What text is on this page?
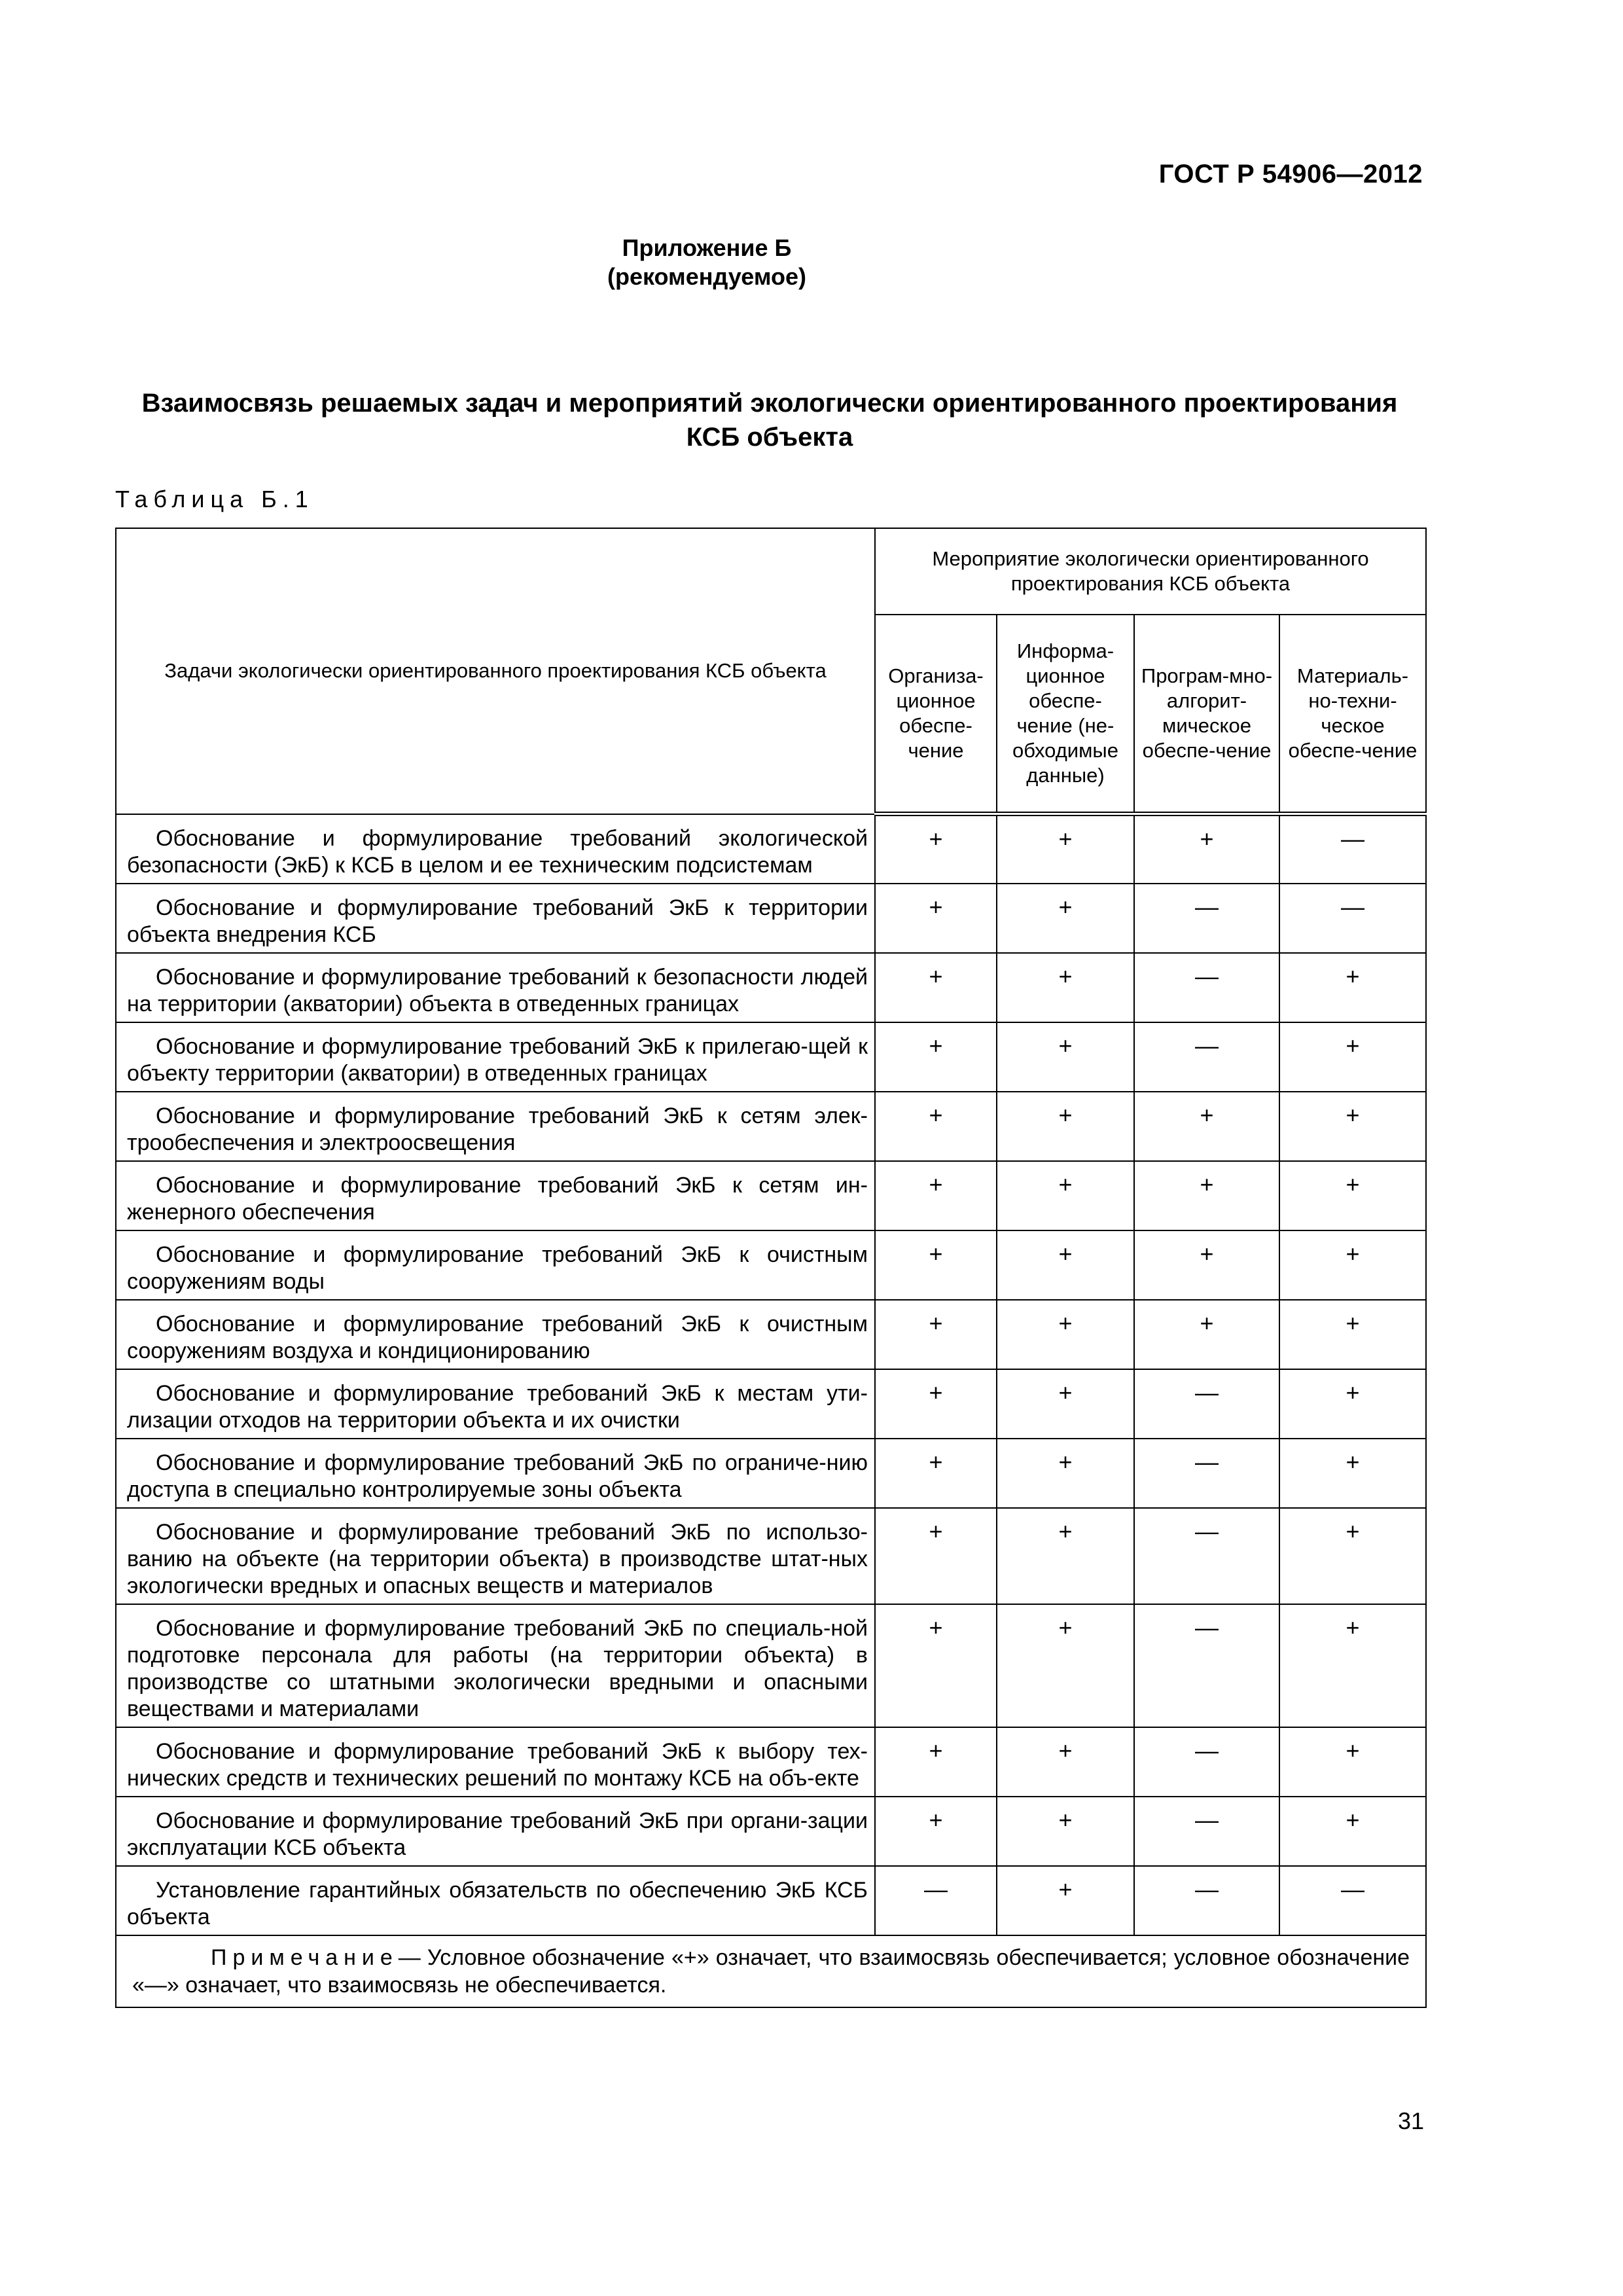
ГОСТ Р 54906—2012
Приложение Б
(рекомендуемое)
Взаимосвязь решаемых задач и мероприятий экологически ориентированного проектирования
КСБ объекта
Таблица Б.1
Задачи экологически ориентированного проектирования КСБ объекта	Мероприятие экологически ориентированного проектирования КСБ объекта			
	Организа-ционное обеспе-чение	Информа-ционное обеспе-чение (не-обходимые данные)	Програм-мно-алгорит-мическое обеспе-чение	Материаль-но-техни-ческое обеспе-чение
Обоснование и формулирование требований экологической безопасности (ЭкБ) к КСБ в целом и ее техническим подсистемам	+	+	+	—
Обоснование и формулирование требований ЭкБ к территории объекта внедрения КСБ	+	+	—	—
Обоснование и формулирование требований к безопасности людей на территории (акватории) объекта в отведенных границах	+	+	—	+
Обоснование и формулирование требований ЭкБ к прилегаю-щей к объекту территории (акватории) в отведенных границах	+	+	—	+
Обоснование и формулирование требований ЭкБ к сетям элек-трообеспечения и электроосвещения	+	+	+	+
Обоснование и формулирование требований ЭкБ к сетям ин-женерного обеспечения	+	+	+	+
Обоснование и формулирование требований ЭкБ к очистным сооружениям воды	+	+	+	+
Обоснование и формулирование требований ЭкБ к очистным сооружениям воздуха и кондиционированию	+	+	+	+
Обоснование и формулирование требований ЭкБ к местам ути-лизации отходов на территории объекта и их очистки	+	+	—	+
Обоснование и формулирование требований ЭкБ по ограниче-нию доступа в специально контролируемые зоны объекта	+	+	—	+
Обоснование и формулирование требований ЭкБ по использо-ванию на объекте (на территории объекта) в производстве штат-ных экологически вредных и опасных веществ и материалов	+	+	—	+
Обоснование и формулирование требований ЭкБ по специаль-ной подготовке персонала для работы (на территории объекта) в производстве со штатными экологически вредными и опасными веществами и материалами	+	+	—	+
Обоснование и формулирование требований ЭкБ к выбору тех-нических средств и технических решений по монтажу КСБ на объ-екте	+	+	—	+
Обоснование и формулирование требований ЭкБ при органи-зации эксплуатации КСБ объекта	+	+	—	+
Установление гарантийных обязательств по обеспечению ЭкБ КСБ объекта	—	+	—	—
Примечание— Условное обозначение «+» означает, что взаимосвязь обеспечивается; условное обозначение «—» означает, что взаимосвязь не обеспечивается.				
31
